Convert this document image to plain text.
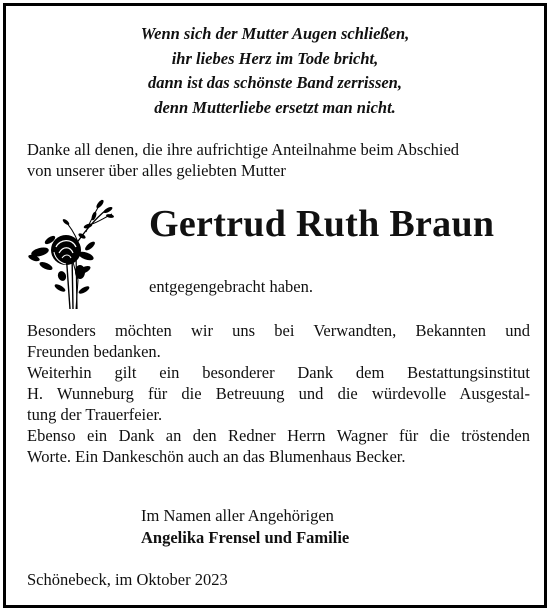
Wenn sich der Mutter Augen schließen,
ihr liebes Herz im Tode bricht,
dann ist das schönste Band zerrissen,
denn Mutterliebe ersetzt man nicht.
Danke all denen, die ihre aufrichtige Anteilnahme beim Abschied
von unserer über alles geliebten Mutter
Gertrud Ruth Braun
entgegengebracht haben.
Besonders möchten wir uns bei Verwandten, Bekannten und
Freunden bedanken.
Weiterhin gilt ein besonderer Dank dem Bestattungsinstitut
H. Wunneburg für die Betreuung und die würdevolle Ausgestal-
tung der Trauerfeier.
Ebenso ein Dank an den Redner Herrn Wagner für die tröstenden
Worte. Ein Dankeschön auch an das Blumenhaus Becker.
Im Namen aller Angehörigen
Angelika Frensel und Familie
Schönebeck, im Oktober 2023
